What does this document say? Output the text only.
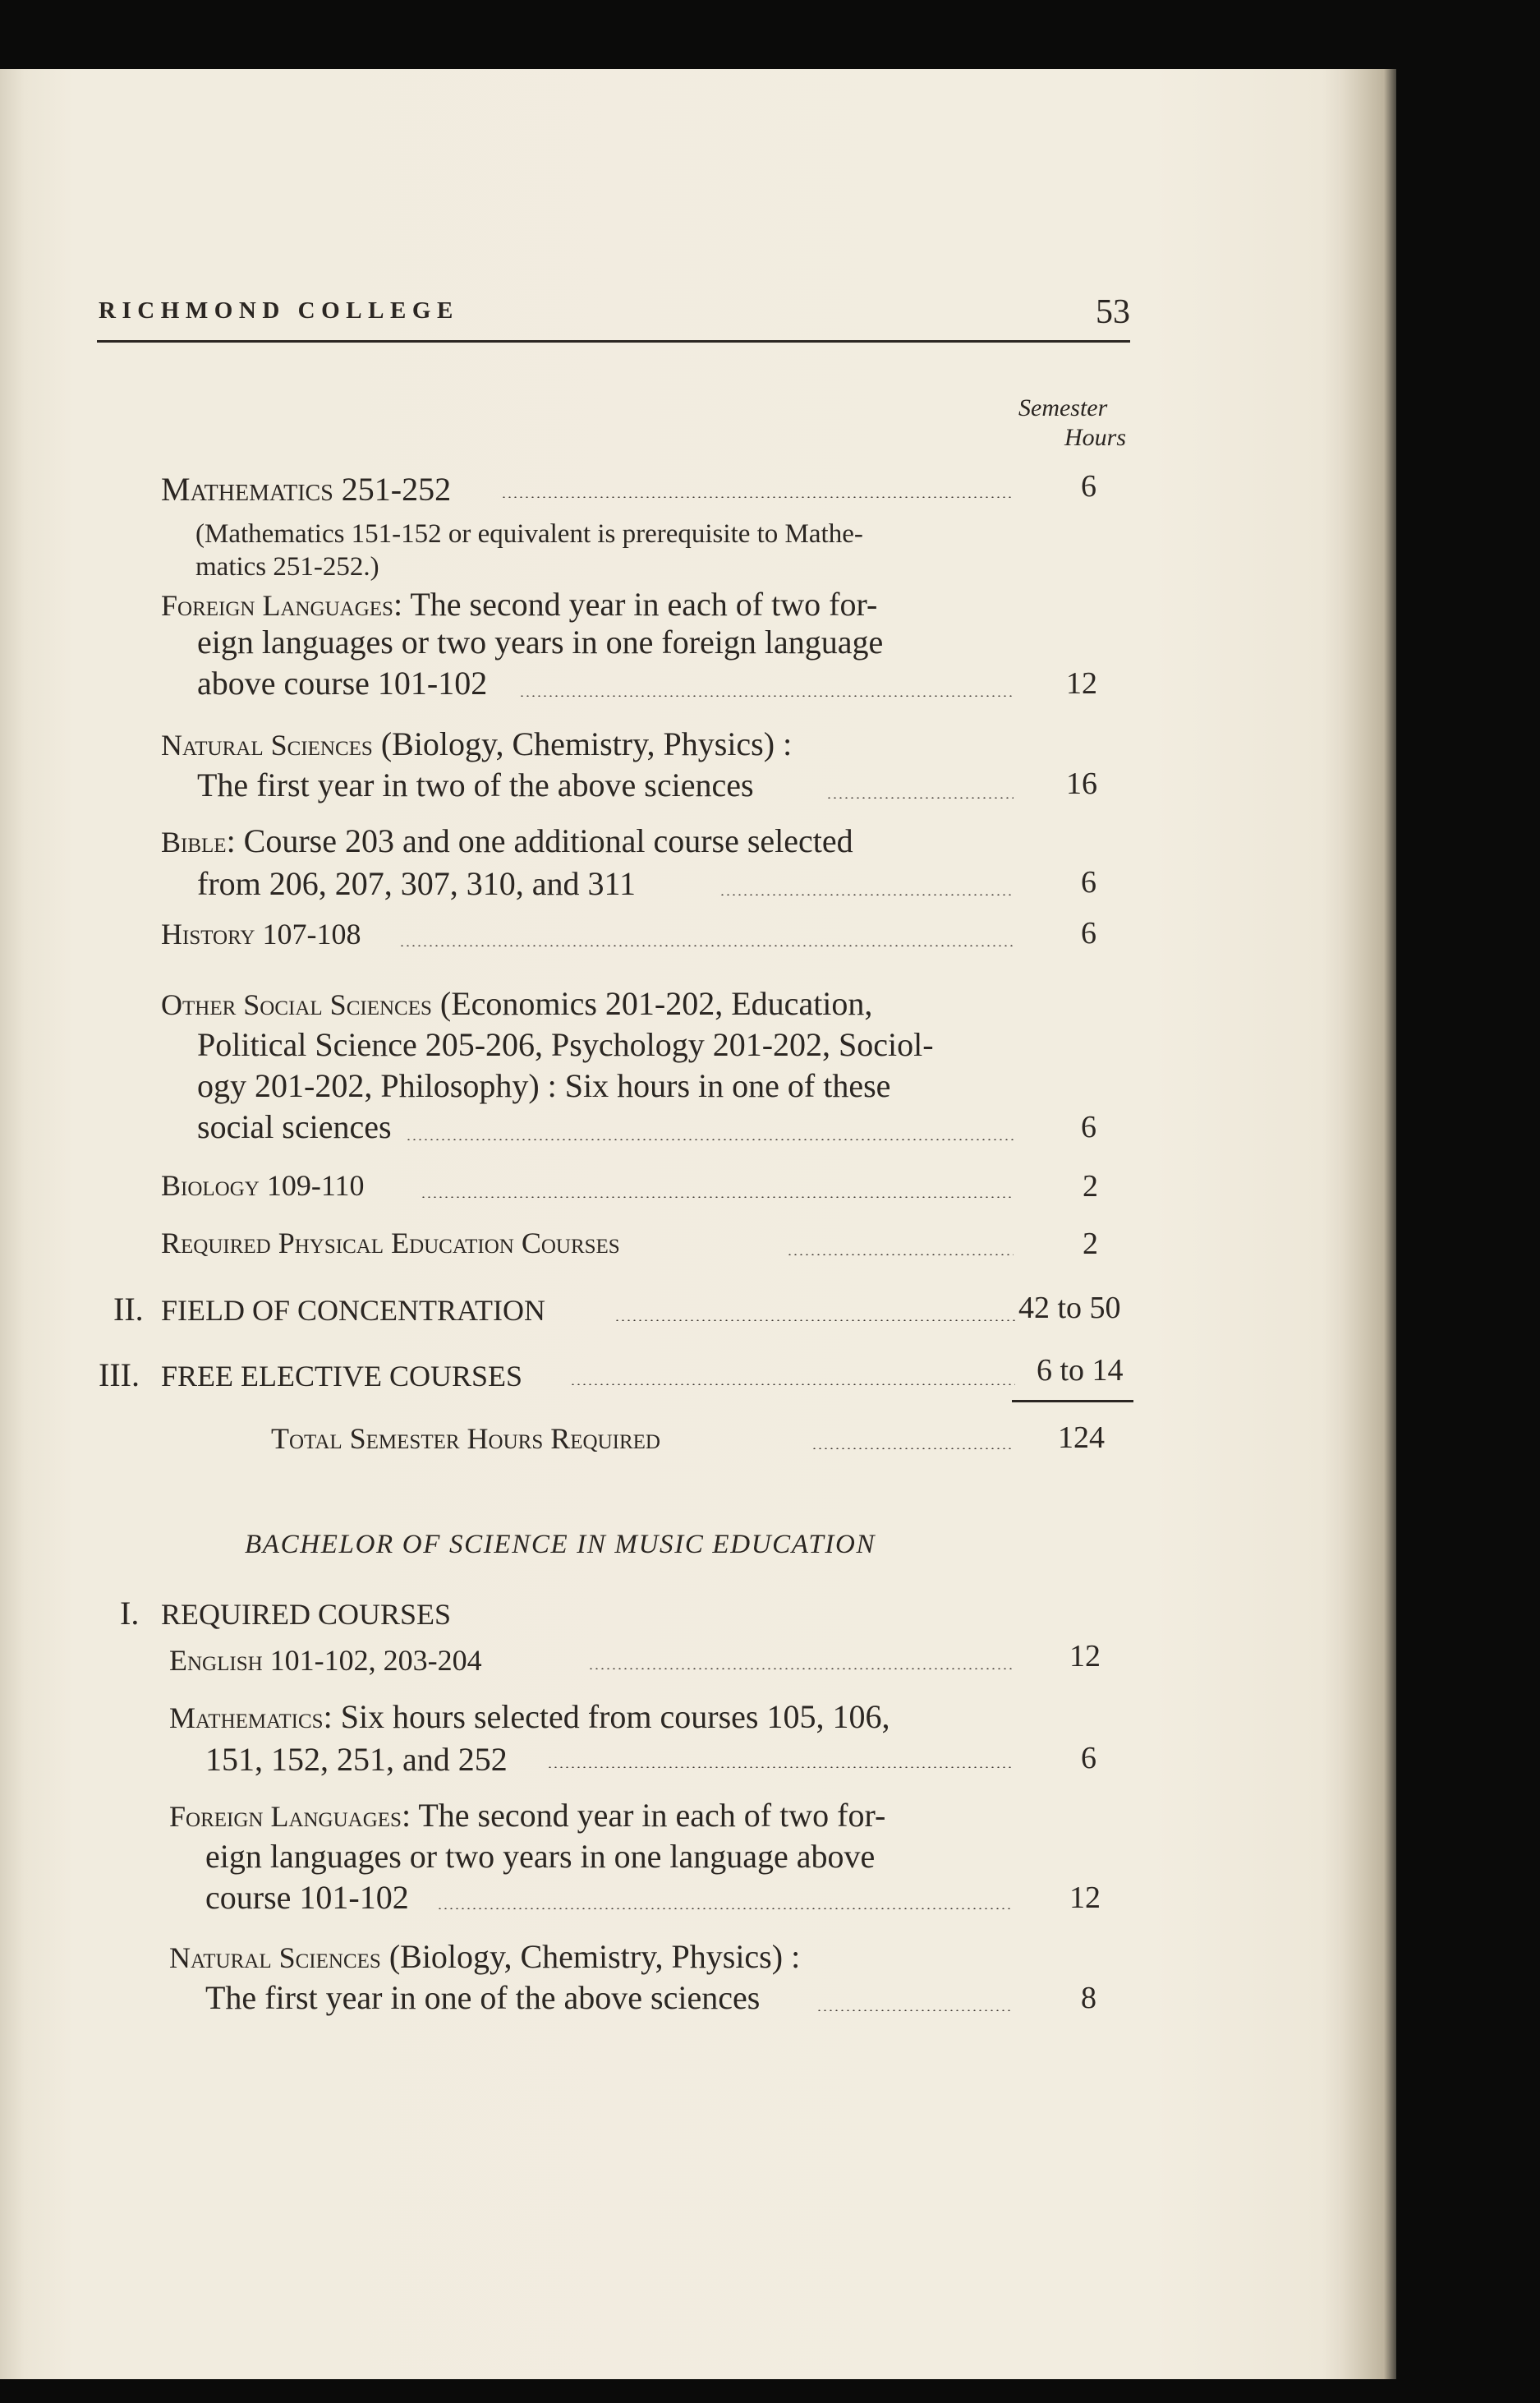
RICHMOND COLLEGE	53
Semester
Hours
Mathematics 251-252	6
(Mathematics 151-152 or equivalent is prerequisite to Mathe-
matics 251-252.)
Foreign Languages: The second year in each of two for-
eign languages or two years in one foreign language
above course 101-102	12
Natural Sciences (Biology, Chemistry, Physics) :
The first year in two of the above sciences	16
Bible: Course 203 and one additional course selected
from 206, 207, 307, 310, and 311	6
History 107-108	6
Other Social Sciences (Economics 201-202, Education,
Political Science 205-206, Psychology 201-202, Sociol-
ogy 201-202, Philosophy) : Six hours in one of these
social sciences	6
Biology 109-110	2
Required Physical Education Courses	2
II. FIELD OF CONCENTRATION	42 to 50
III. FREE ELECTIVE COURSES	6 to 14
Total Semester Hours Required	124
BACHELOR OF SCIENCE IN MUSIC EDUCATION
I. REQUIRED COURSES
English 101-102, 203-204	12
Mathematics: Six hours selected from courses 105, 106,
151, 152, 251, and 252	6
Foreign Languages: The second year in each of two for-
eign languages or two years in one language above
course 101-102	12
Natural Sciences (Biology, Chemistry, Physics) :
The first year in one of the above sciences	8
